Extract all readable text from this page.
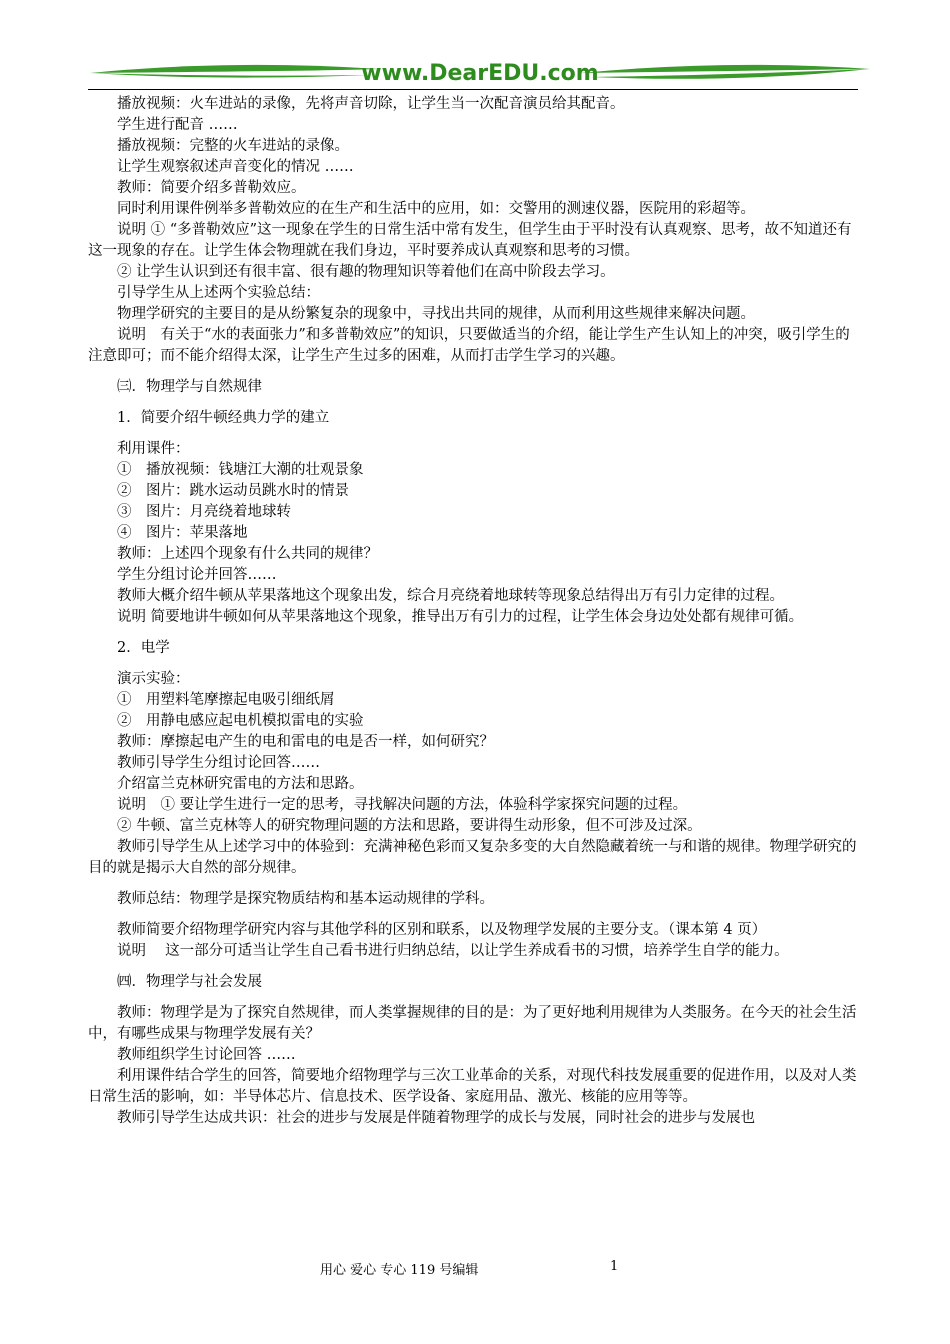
www.DearEDU.com

播放视频：火车进站的录像，先将声音切除，让学生当一次配音演员给其配音。

学生进行配音 ……

播放视频：完整的火车进站的录像。

让学生观察叙述声音变化的情况 ……

教师：简要介绍多普勒效应。

同时利用课件例举多普勒效应的在生产和生活中的应用，如：交警用的测速仪器，医院用的彩超等。

说明 ① “多普勒效应”这一现象在学生的日常生活中常有发生，但学生由于平时没有认真观察、思考，故不知道还有这一现象的存在。让学生体会物理就在我们身边，平时要养成认真观察和思考的习惯。

② 让学生认识到还有很丰富、很有趣的物理知识等着他们在高中阶段去学习。

引导学生从上述两个实验总结：

物理学研究的主要目的是从纷繁复杂的现象中，寻找出共同的规律，从而利用这些规律来解决问题。

说明　有关于“水的表面张力”和多普勒效应”的知识，只要做适当的介绍，能让学生产生认知上的冲突，吸引学生的注意即可；而不能介绍得太深，让学生产生过多的困难，从而打击学生学习的兴趣。

㈢．物理学与自然规律

1．简要介绍牛顿经典力学的建立

利用课件：

①　播放视频：钱塘江大潮的壮观景象

②　图片：跳水运动员跳水时的情景

③　图片：月亮绕着地球转

④　图片：苹果落地

教师：上述四个现象有什么共同的规律？

学生分组讨论并回答……

教师大概介绍牛顿从苹果落地这个现象出发，综合月亮绕着地球转等现象总结得出万有引力定律的过程。

说明 简要地讲牛顿如何从苹果落地这个现象，推导出万有引力的过程，让学生体会身边处处都有规律可循。

2．电学

演示实验：

①　用塑料笔摩擦起电吸引细纸屑

②　用静电感应起电机模拟雷电的实验

教师：摩擦起电产生的电和雷电的电是否一样，如何研究？

教师引导学生分组讨论回答……

介绍富兰克林研究雷电的方法和思路。

说明　① 要让学生进行一定的思考，寻找解决问题的方法，体验科学家探究问题的过程。

② 牛顿、富兰克林等人的研究物理问题的方法和思路，要讲得生动形象，但不可涉及过深。

教师引导学生从上述学习中的体验到：充满神秘色彩而又复杂多变的大自然隐藏着统一与和谐的规律。物理学研究的目的就是揭示大自然的部分规律。

教师总结：物理学是探究物质结构和基本运动规律的学科。

教师简要介绍物理学研究内容与其他学科的区别和联系，以及物理学发展的主要分支。（课本第 4 页）

说明　 这一部分可适当让学生自己看书进行归纳总结，以让学生养成看书的习惯，培养学生自学的能力。

㈣．物理学与社会发展

教师：物理学是为了探究自然规律，而人类掌握规律的目的是：为了更好地利用规律为人类服务。在今天的社会生活中，有哪些成果与物理学发展有关？

教师组织学生讨论回答 ……

利用课件结合学生的回答，简要地介绍物理学与三次工业革命的关系，对现代科技发展重要的促进作用，以及对人类日常生活的影响，如：半导体芯片、信息技术、医学设备、家庭用品、激光、核能的应用等等。

教师引导学生达成共识：社会的进步与发展是伴随着物理学的成长与发展，同时社会的进步与发展也

用心 爱心 专心 119 号编辑	1
